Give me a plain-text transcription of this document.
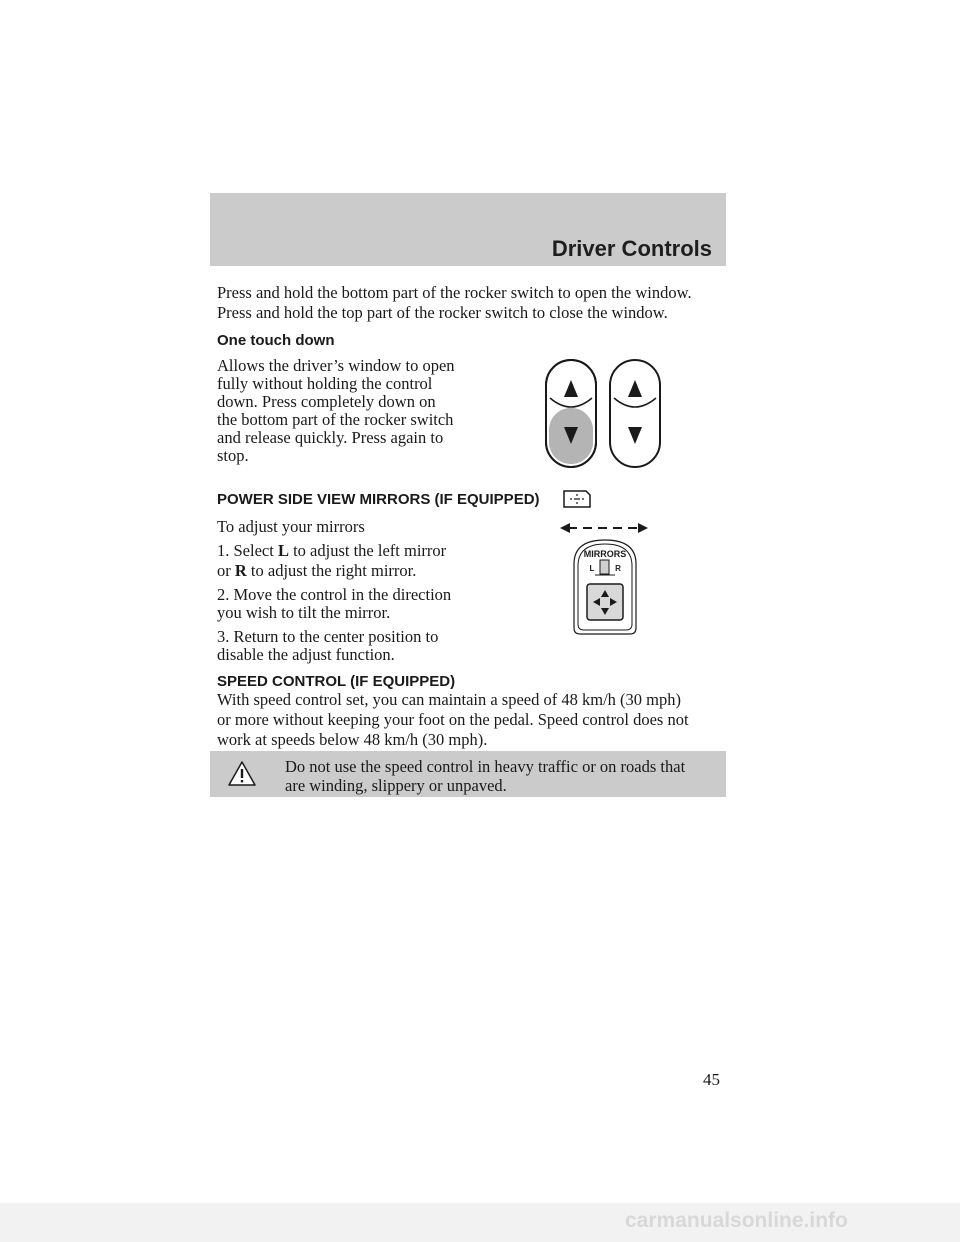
Driver Controls
Press and hold the bottom part of the rocker switch to open the window.
Press and hold the top part of the rocker switch to close the window.
One touch down
Allows the driver’s window to open
fully without holding the control
down. Press completely down on
the bottom part of the rocker switch
and release quickly. Press again to
stop.
POWER SIDE VIEW MIRRORS (IF EQUIPPED)
To adjust your mirrors
1. Select L to adjust the left mirror
or R to adjust the right mirror.
2. Move the control in the direction
you wish to tilt the mirror.
3. Return to the center position to
disable the adjust function.
MIRRORS
L	R
SPEED CONTROL (IF EQUIPPED)
With speed control set, you can maintain a speed of 48 km/h (30 mph)
or more without keeping your foot on the pedal. Speed control does not
work at speeds below 48 km/h (30 mph).
Do not use the speed control in heavy traffic or on roads that
are winding, slippery or unpaved.
45
carmanualsonline.info
